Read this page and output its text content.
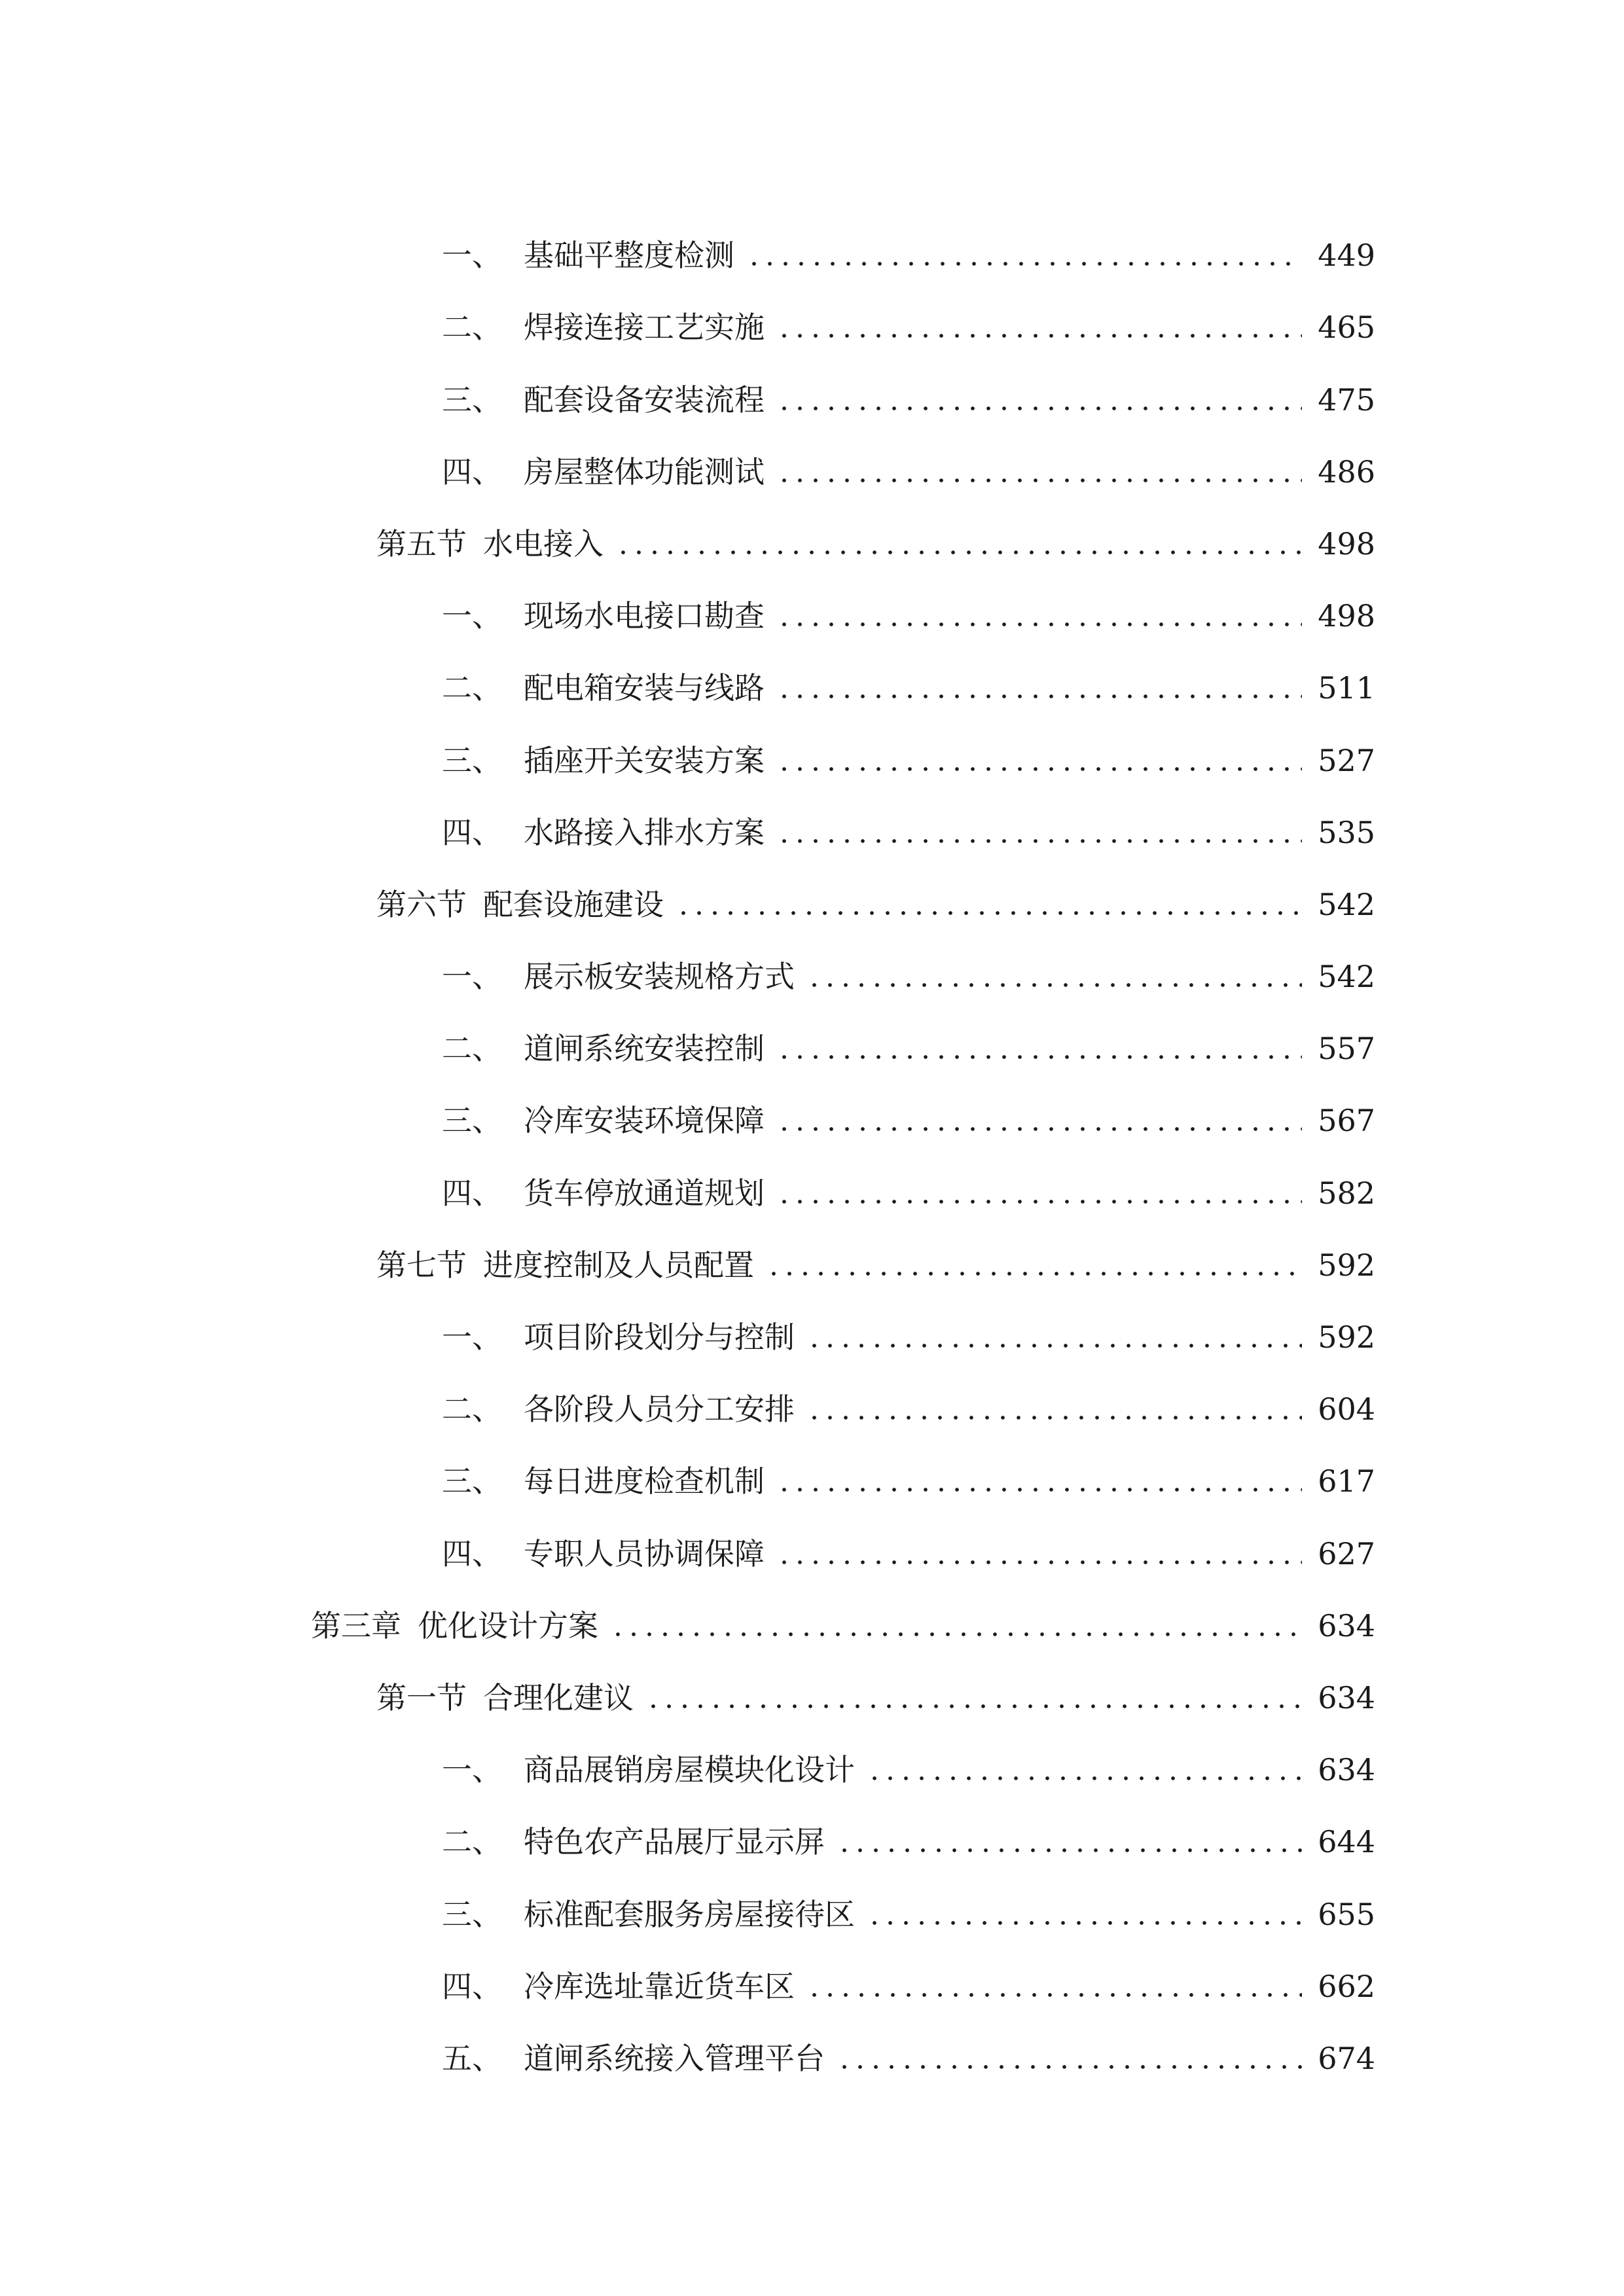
一、 基础平整度检测	449
二、 焊接连接工艺实施	465
三、 配套设备安装流程	475
四、 房屋整体功能测试	486
第五节 水电接入	498
一、 现场水电接口勘查	498
二、 配电箱安装与线路	511
三、 插座开关安装方案	527
四、 水路接入排水方案	535
第六节 配套设施建设	542
一、 展示板安装规格方式	542
二、 道闸系统安装控制	557
三、 冷库安装环境保障	567
四、 货车停放通道规划	582
第七节 进度控制及人员配置	592
一、 项目阶段划分与控制	592
二、 各阶段人员分工安排	604
三、 每日进度检查机制	617
四、 专职人员协调保障	627
第三章 优化设计方案	634
第一节 合理化建议	634
一、 商品展销房屋模块化设计	634
二、 特色农产品展厅显示屏	644
三、 标准配套服务房屋接待区	655
四、 冷库选址靠近货车区	662
五、 道闸系统接入管理平台	674
